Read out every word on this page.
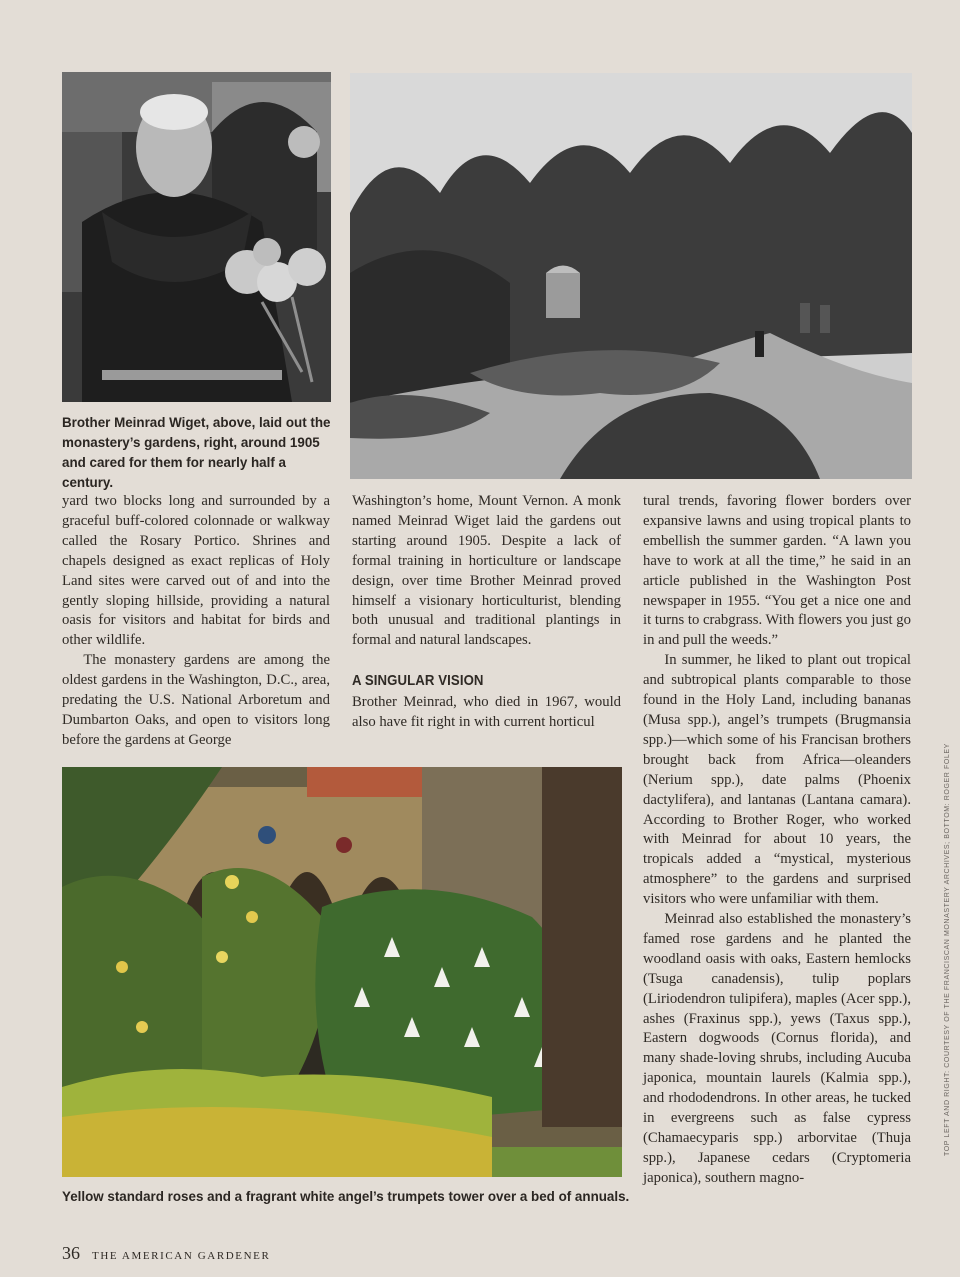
Brother Meinrad Wiget, above, laid out the monastery’s gardens, right, around 1905 and cared for them for nearly half a century.

yard two blocks long and surrounded by a graceful buff-colored colonnade or walkway called the Rosary Portico. Shrines and chapels designed as exact replicas of Holy Land sites were carved out of and into the gently sloping hillside, providing a natural oasis for visitors and habitat for birds and other wildlife.

The monastery gardens are among the oldest gardens in the Washington, D.C., area, predating the U.S. National Arboretum and Dumbarton Oaks, and open to visitors long before the gardens at George

Washington’s home, Mount Vernon. A monk named Meinrad Wiget laid the gardens out starting around 1905. Despite a lack of formal training in horticulture or landscape design, over time Brother Meinrad proved himself a visionary horticulturist, blending both unusual and traditional plantings in formal and natural landscapes.

A SINGULAR VISION

Brother Meinrad, who died in 1967, would also have fit right in with current horticul

tural trends, favoring flower borders over expansive lawns and using tropical plants to embellish the summer garden. “A lawn you have to work at all the time,” he said in an article published in the Washington Post newspaper in 1955. “You get a nice one and it turns to crabgrass. With flowers you just go in and pull the weeds.”

In summer, he liked to plant out tropical and subtropical plants comparable to those found in the Holy Land, including bananas (Musa spp.), angel’s trumpets (Brugmansia spp.)—which some of his Francisan brothers brought back from Africa—oleanders (Nerium spp.), date palms (Phoenix dactylifera), and lantanas (Lantana camara). According to Brother Roger, who worked with Meinrad for about 10 years, the tropicals added a “mystical, mysterious atmosphere” to the gardens and surprised visitors who were unfamiliar with them.

Meinrad also established the monastery’s famed rose gardens and he planted the woodland oasis with oaks, Eastern hemlocks (Tsuga canadensis), tulip poplars (Liriodendron tulipifera), maples (Acer spp.), ashes (Fraxinus spp.), yews (Taxus spp.), Eastern dogwoods (Cornus florida), and many shade-loving shrubs, including Aucuba japonica, mountain laurels (Kalmia spp.), and rhododendrons. In other areas, he tucked in evergreens such as false cypress (Chamaecyparis spp.) arborvitae (Thuja spp.), Japanese cedars (Cryptomeria japonica), southern magno-

Yellow standard roses and a fragrant white angel’s trumpets tower over a bed of annuals.
36 THE AMERICAN GARDENER
TOP LEFT AND RIGHT: COURTESY OF THE FRANCISCAN MONASTERY ARCHIVES; BOTTOM: ROGER FOLEY
